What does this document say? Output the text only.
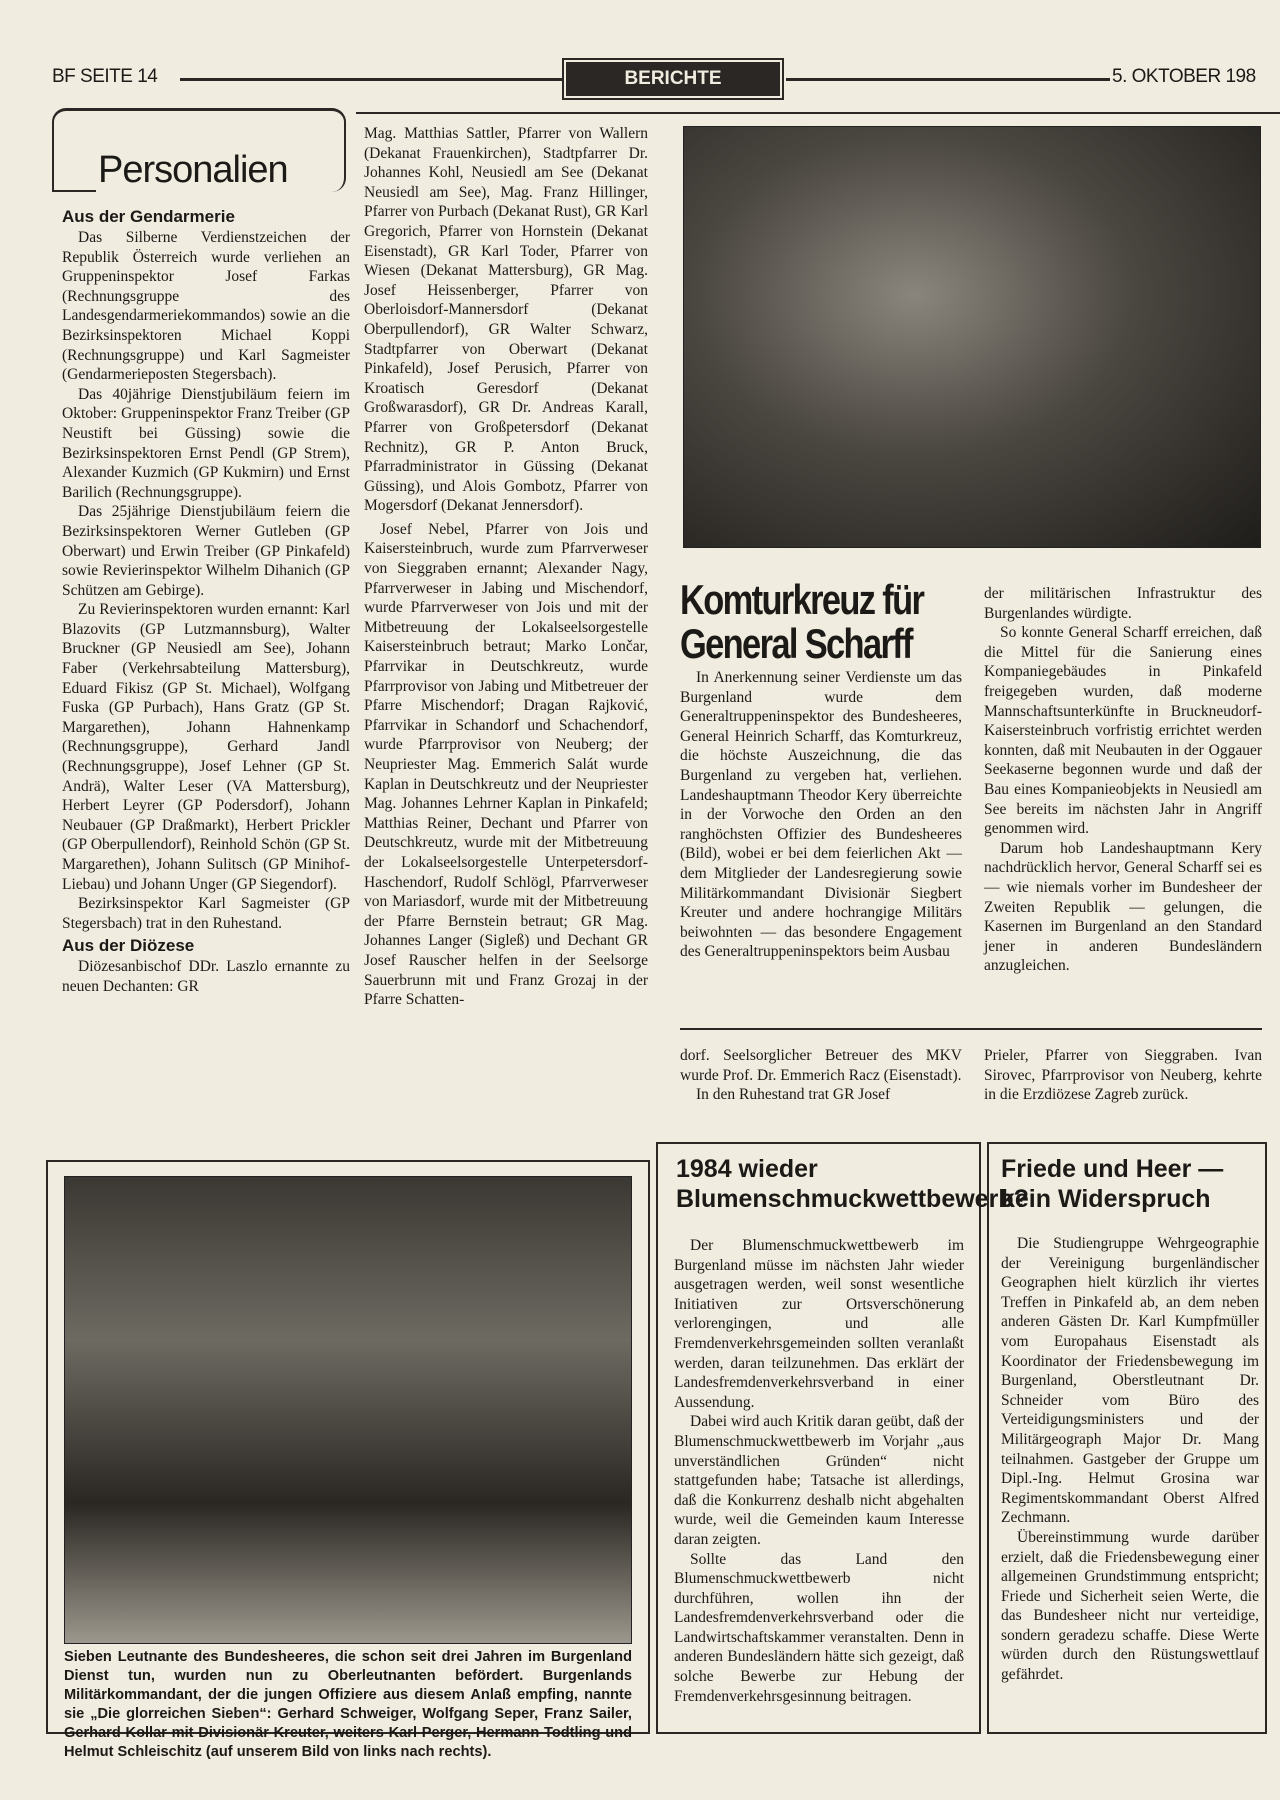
BF SEITE 14	BERICHTE	5. OKTOBER 198
Personalien
Aus der Gendarmerie

Das Silberne Verdienstzeichen der Republik Österreich wurde verliehen an Gruppeninspektor Josef Farkas (Rechnungsgruppe des Landesgendarmeriekommandos) sowie an die Bezirksinspektoren Michael Koppi (Rechnungsgruppe) und Karl Sagmeister (Gendarmerieposten Stegersbach).

Das 40jährige Dienstjubiläum feiern im Oktober: Gruppeninspektor Franz Treiber (GP Neustift bei Güssing) sowie die Bezirksinspektoren Ernst Pendl (GP Strem), Alexander Kuzmich (GP Kukmirn) und Ernst Barilich (Rechnungsgruppe).

Das 25jährige Dienstjubiläum feiern die Bezirksinspektoren Werner Gutleben (GP Oberwart) und Erwin Treiber (GP Pinkafeld) sowie Revierinspektor Wilhelm Dihanich (GP Schützen am Gebirge).

Zu Revierinspektoren wurden ernannt: Karl Blazovits (GP Lutzmannsburg), Walter Bruckner (GP Neusiedl am See), Johann Faber (Verkehrsabteilung Mattersburg), Eduard Fikisz (GP St. Michael), Wolfgang Fuska (GP Purbach), Hans Gratz (GP St. Margarethen), Johann Hahnenkamp (Rechnungsgruppe), Gerhard Jandl (Rechnungsgruppe), Josef Lehner (GP St. Andrä), Walter Leser (VA Mattersburg), Herbert Leyrer (GP Podersdorf), Johann Neubauer (GP Draßmarkt), Herbert Prickler (GP Oberpullendorf), Reinhold Schön (GP St. Margarethen), Johann Sulitsch (GP Minihof-Liebau) und Johann Unger (GP Siegendorf).

Bezirksinspektor Karl Sagmeister (GP Stegersbach) trat in den Ruhestand.

Aus der Diözese

Diözesanbischof DDr. Laszlo ernannte zu neuen Dechanten: GR

Mag. Matthias Sattler, Pfarrer von Wallern (Dekanat Frauenkirchen), Stadtpfarrer Dr. Johannes Kohl, Neusiedl am See (Dekanat Neusiedl am See), Mag. Franz Hillinger, Pfarrer von Purbach (Dekanat Rust), GR Karl Gregorich, Pfarrer von Hornstein (Dekanat Eisenstadt), GR Karl Toder, Pfarrer von Wiesen (Dekanat Mattersburg), GR Mag. Josef Heissenberger, Pfarrer von Oberloisdorf-Mannersdorf (Dekanat Oberpullendorf), GR Walter Schwarz, Stadtpfarrer von Oberwart (Dekanat Pinkafeld), Josef Perusich, Pfarrer von Kroatisch Geresdorf (Dekanat Großwarasdorf), GR Dr. Andreas Karall, Pfarrer von Großpetersdorf (Dekanat Rechnitz), GR P. Anton Bruck, Pfarradministrator in Güssing (Dekanat Güssing), und Alois Gombotz, Pfarrer von Mogersdorf (Dekanat Jennersdorf).

Josef Nebel, Pfarrer von Jois und Kaisersteinbruch, wurde zum Pfarrverweser von Sieggraben ernannt; Alexander Nagy, Pfarrverweser in Jabing und Mischendorf, wurde Pfarrverweser von Jois und mit der Mitbetreuung der Lokalseelsorgestelle Kaisersteinbruch betraut; Marko Lončar, Pfarrvikar in Deutschkreutz, wurde Pfarrprovisor von Jabing und Mitbetreuer der Pfarre Mischendorf; Dragan Rajković, Pfarrvikar in Schandorf und Schachendorf, wurde Pfarrprovisor von Neuberg; der Neupriester Mag. Emmerich Salát wurde Kaplan in Deutschkreutz und der Neupriester Mag. Johannes Lehrner Kaplan in Pinkafeld; Matthias Reiner, Dechant und Pfarrer von Deutschkreutz, wurde mit der Mitbetreuung der Lokalseelsorgestelle Unterpetersdorf-Haschendorf, Rudolf Schlögl, Pfarrverweser von Mariasdorf, wurde mit der Mitbetreuung der Pfarre Bernstein betraut; GR Mag. Johannes Langer (Sigleß) und Dechant GR Josef Rauscher helfen in der Seelsorge Sauerbrunn mit und Franz Grozaj in der Pfarre Schatten-

Komturkreuz für General Scharff

In Anerkennung seiner Verdienste um das Burgenland wurde dem Generaltruppeninspektor des Bundesheeres, General Heinrich Scharff, das Komturkreuz, die höchste Auszeichnung, die das Burgenland zu vergeben hat, verliehen. Landeshauptmann Theodor Kery überreichte in der Vorwoche den Orden an den ranghöchsten Offizier des Bundesheeres (Bild), wobei er bei dem feierlichen Akt — dem Mitglieder der Landesregierung sowie Militärkommandant Divisionär Siegbert Kreuter und andere hochrangige Militärs beiwohnten — das besondere Engagement des Generaltruppeninspektors beim Ausbau

der militärischen Infrastruktur des Burgenlandes würdigte.

So konnte General Scharff erreichen, daß die Mittel für die Sanierung eines Kompaniegebäudes in Pinkafeld freigegeben wurden, daß moderne Mannschaftsunterkünfte in Bruckneudorf-Kaisersteinbruch vorfristig errichtet werden konnten, daß mit Neubauten in der Oggauer Seekaserne begonnen wurde und daß der Bau eines Kompanieobjekts in Neusiedl am See bereits im nächsten Jahr in Angriff genommen wird.

Darum hob Landeshauptmann Kery nachdrücklich hervor, General Scharff sei es — wie niemals vorher im Bundesheer der Zweiten Republik — gelungen, die Kasernen im Burgenland an den Standard jener in anderen Bundesländern anzugleichen.

dorf. Seelsorglicher Betreuer des MKV wurde Prof. Dr. Emmerich Racz (Eisenstadt).

In den Ruhestand trat GR Josef

Prieler, Pfarrer von Sieggraben. Ivan Sirovec, Pfarrprovisor von Neuberg, kehrte in die Erzdiözese Zagreb zurück.

Sieben Leutnante des Bundesheeres, die schon seit drei Jahren im Burgenland Dienst tun, wurden nun zu Oberleutnanten befördert. Burgenlands Militärkommandant, der die jungen Offiziere aus diesem Anlaß empfing, nannte sie „Die glorreichen Sieben“: Gerhard Schweiger, Wolfgang Seper, Franz Sailer, Gerhard Kollar mit Divisionär Kreuter, weiters Karl Perger, Hermann Todtling und Helmut Schleischitz (auf unserem Bild von links nach rechts).
1984 wieder Blumenschmuckwettbewerb?

Der Blumenschmuckwettbewerb im Burgenland müsse im nächsten Jahr wieder ausgetragen werden, weil sonst wesentliche Initiativen zur Ortsverschönerung verlorengingen, und alle Fremdenverkehrsgemeinden sollten veranlaßt werden, daran teilzunehmen. Das erklärt der Landesfremdenverkehrsverband in einer Aussendung.

Dabei wird auch Kritik daran geübt, daß der Blumenschmuckwettbewerb im Vorjahr „aus unverständlichen Gründen“ nicht stattgefunden habe; Tatsache ist allerdings, daß die Konkurrenz deshalb nicht abgehalten wurde, weil die Gemeinden kaum Interesse daran zeigten.

Sollte das Land den Blumenschmuckwettbewerb nicht durchführen, wollen ihn der Landesfremdenverkehrsverband oder die Landwirtschaftskammer veranstalten. Denn in anderen Bundesländern hätte sich gezeigt, daß solche Bewerbe zur Hebung der Fremdenverkehrsgesinnung beitragen.

Friede und Heer — kein Widerspruch

Die Studiengruppe Wehrgeographie der Vereinigung burgenländischer Geographen hielt kürzlich ihr viertes Treffen in Pinkafeld ab, an dem neben anderen Gästen Dr. Karl Kumpfmüller vom Europahaus Eisenstadt als Koordinator der Friedensbewegung im Burgenland, Oberstleutnant Dr. Schneider vom Büro des Verteidigungsministers und der Militärgeograph Major Dr. Mang teilnahmen. Gastgeber der Gruppe um Dipl.-Ing. Helmut Grosina war Regimentskommandant Oberst Alfred Zechmann.

Übereinstimmung wurde darüber erzielt, daß die Friedensbewegung einer allgemeinen Grundstimmung entspricht; Friede und Sicherheit seien Werte, die das Bundesheer nicht nur verteidige, sondern geradezu schaffe. Diese Werte würden durch den Rüstungswettlauf gefährdet.
